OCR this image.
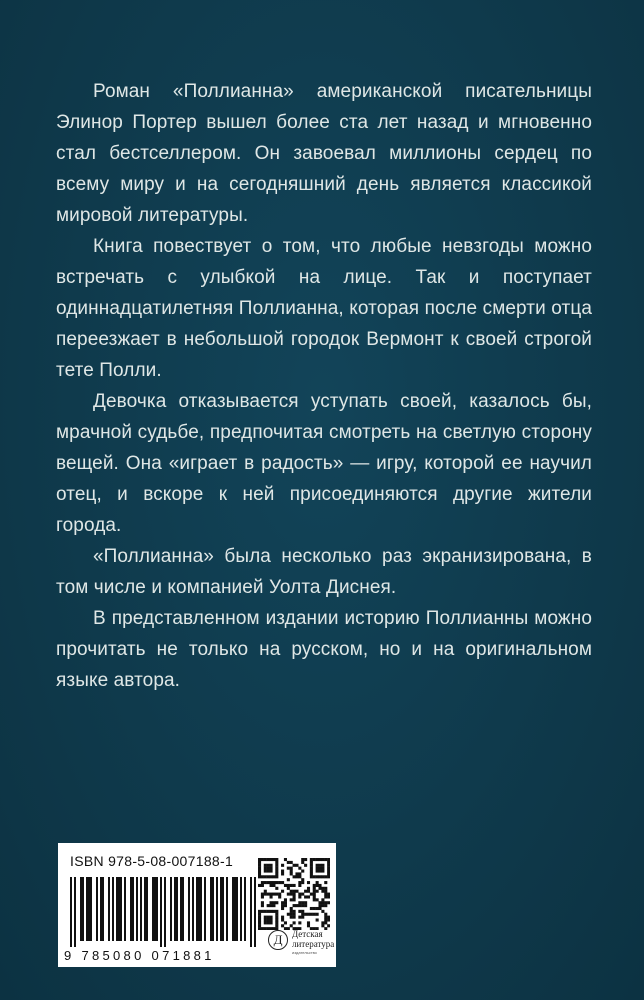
Роман «Поллианна» американской писательницы Элинор Портер вышел более ста лет назад и мгновенно стал бестселлером. Он завоевал миллионы сердец по всему миру и на сегодняшний день является классикой мировой литературы.

Книга повествует о том, что любые невзгоды можно встречать с улыбкой на лице. Так и поступает одиннадцатилетняя Поллианна, которая после смерти отца переезжает в небольшой городок Вермонт к своей строгой тете Полли.

Девочка отказывается уступать своей, казалось бы, мрачной судьбе, предпочитая смотреть на светлую сторону вещей. Она «играет в радость» — игру, которой ее научил отец, и вскоре к ней присоединяются другие жители города.

«Поллианна» была несколько раз экранизирована, в том числе и компанией Уолта Диснея.

В представленном издании историю Поллианны можно прочитать не только на русском, но и на оригинальном языке автора.

ISBN 978-5-08-007188-1
9 785080 071881
Д	Детская
литература
издательство
